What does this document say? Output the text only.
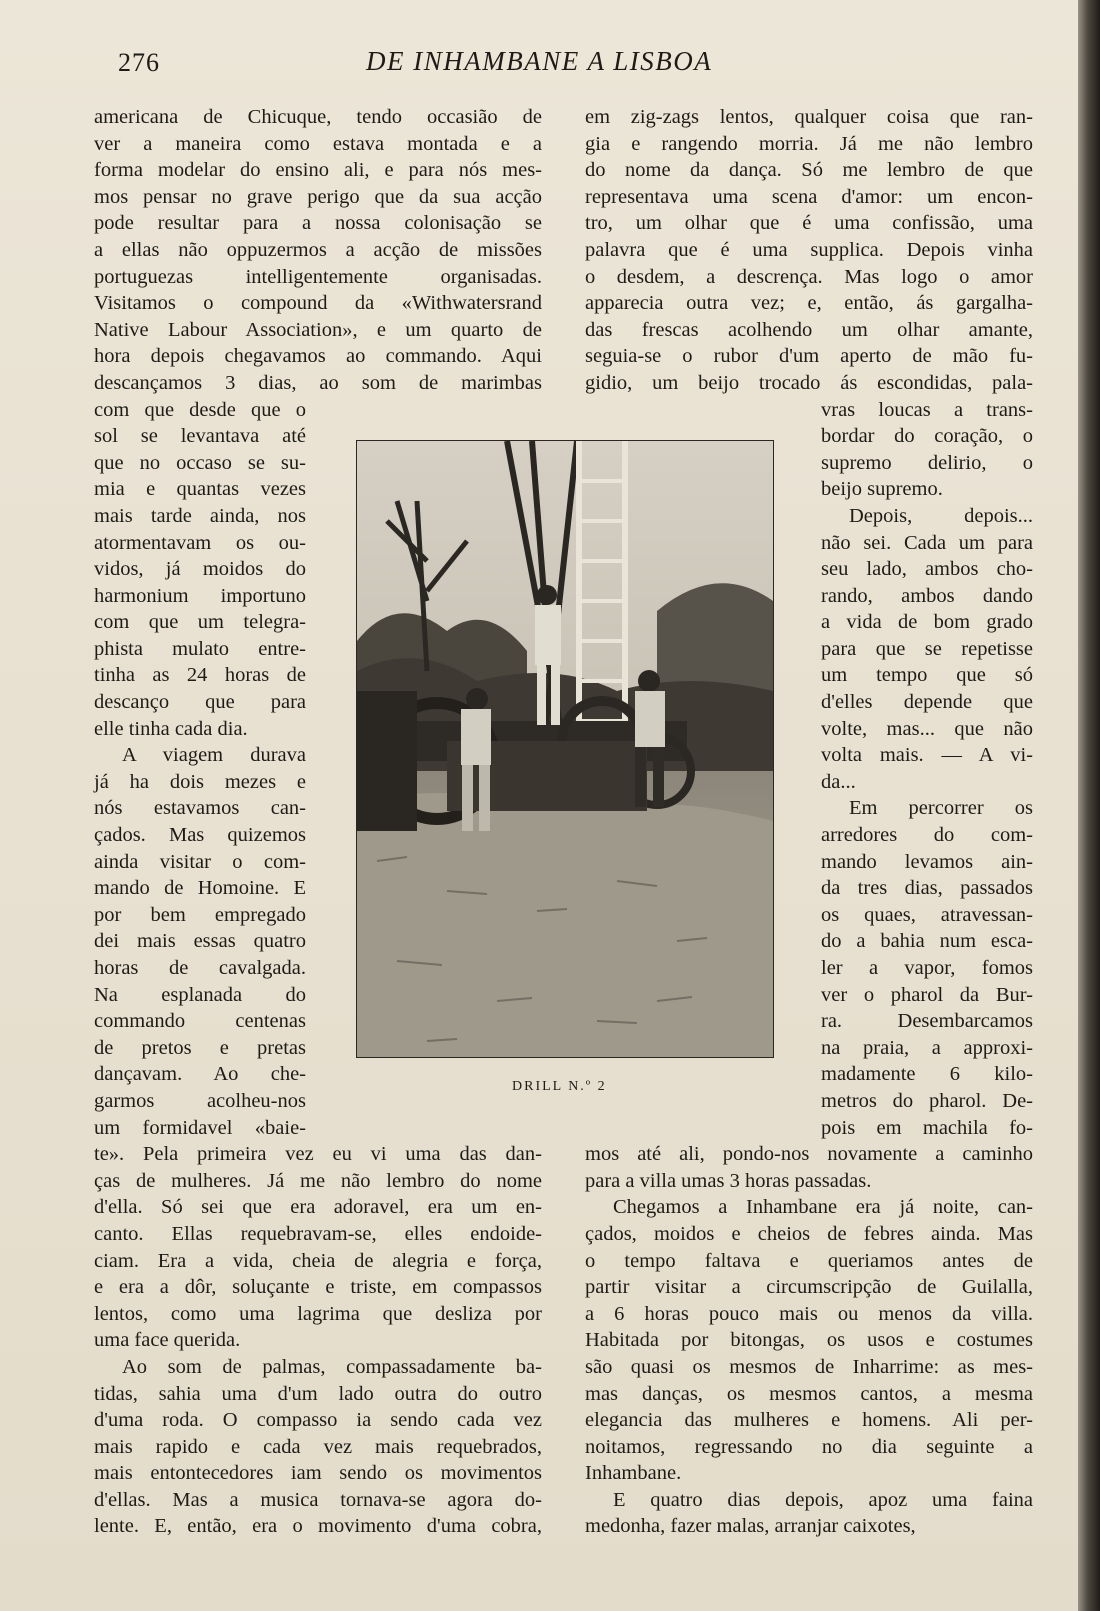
276	DE INHAMBANE A LISBOA
americana de Chicuque, tendo occasião de
ver a maneira como estava montada e a
forma modelar do ensino ali, e para nós mes-
mos pensar no grave perigo que da sua acção
pode resultar para a nossa colonisação se
a ellas não oppuzermos a acção de missões
portuguezas intelligentemente organisadas.
Visitamos o compound da «Withwatersrand
Native Labour Association», e um quarto de
hora depois chegavamos ao commando. Aqui
descançamos 3 dias, ao som de marimbas
com que desde que o
sol se levantava até
que no occaso se su-
mia e quantas vezes
mais tarde ainda, nos
atormentavam os ou-
vidos, já moidos do
harmonium importuno
com que um telegra-
phista mulato entre-
tinha as 24 horas de
descanço que para
elle tinha cada dia.
A viagem durava
já ha dois mezes e
nós estavamos can-
çados. Mas quizemos
ainda visitar o com-
mando de Homoine. E
por bem empregado
dei mais essas quatro
horas de cavalgada.
Na esplanada do
commando centenas
de pretos e pretas
dançavam. Ao che-
garmos acolheu-nos
um formidavel «baie-
te». Pela primeira vez eu vi uma das dan-
ças de mulheres. Já me não lembro do nome
d'ella. Só sei que era adoravel, era um en-
canto. Ellas requebravam-se, elles endoide-
ciam. Era a vida, cheia de alegria e força,
e era a dôr, soluçante e triste, em compassos
lentos, como uma lagrima que desliza por
uma face querida.
Ao som de palmas, compassadamente ba-
tidas, sahia uma d'um lado outra do outro
d'uma roda. O compasso ia sendo cada vez
mais rapido e cada vez mais requebrados,
mais entontecedores iam sendo os movimentos
d'ellas. Mas a musica tornava-se agora do-
lente. E, então, era o movimento d'uma cobra,
em zig-zags lentos, qualquer coisa que ran-
gia e rangendo morria. Já me não lembro
do nome da dança. Só me lembro de que
representava uma scena d'amor: um encon-
tro, um olhar que é uma confissão, uma
palavra que é uma supplica. Depois vinha
o desdem, a descrença. Mas logo o amor
apparecia outra vez; e, então, ás gargalha-
das frescas acolhendo um olhar amante,
seguia-se o rubor d'um aperto de mão fu-
gidio, um beijo trocado ás escondidas, pala-
vras loucas a trans-
bordar do coração, o
supremo delirio, o
beijo supremo.
Depois, depois...
não sei. Cada um para
seu lado, ambos cho-
rando, ambos dando
a vida de bom grado
para que se repetisse
um tempo que só
d'elles depende que
volte, mas... que não
volta mais. — A vi-
da...
Em percorrer os
arredores do com-
mando levamos ain-
da tres dias, passados
os quaes, atravessan-
do a bahia num esca-
ler a vapor, fomos
ver o pharol da Bur-
ra. Desembarcamos
na praia, a approxi-
madamente 6 kilo-
metros do pharol. De-
pois em machila fo-
mos até ali, pondo-nos novamente a caminho
para a villa umas 3 horas passadas.
Chegamos a Inhambane era já noite, can-
çados, moidos e cheios de febres ainda. Mas
o tempo faltava e queriamos antes de
partir visitar a circumscripção de Guilalla,
a 6 horas pouco mais ou menos da villa.
Habitada por bitongas, os usos e costumes
são quasi os mesmos de Inharrime: as mes-
mas danças, os mesmos cantos, a mesma
elegancia das mulheres e homens. Ali per-
noitamos, regressando no dia seguinte a
Inhambane.
E quatro dias depois, apoz uma faina
medonha, fazer malas, arranjar caixotes,
DRILL N.º 2
